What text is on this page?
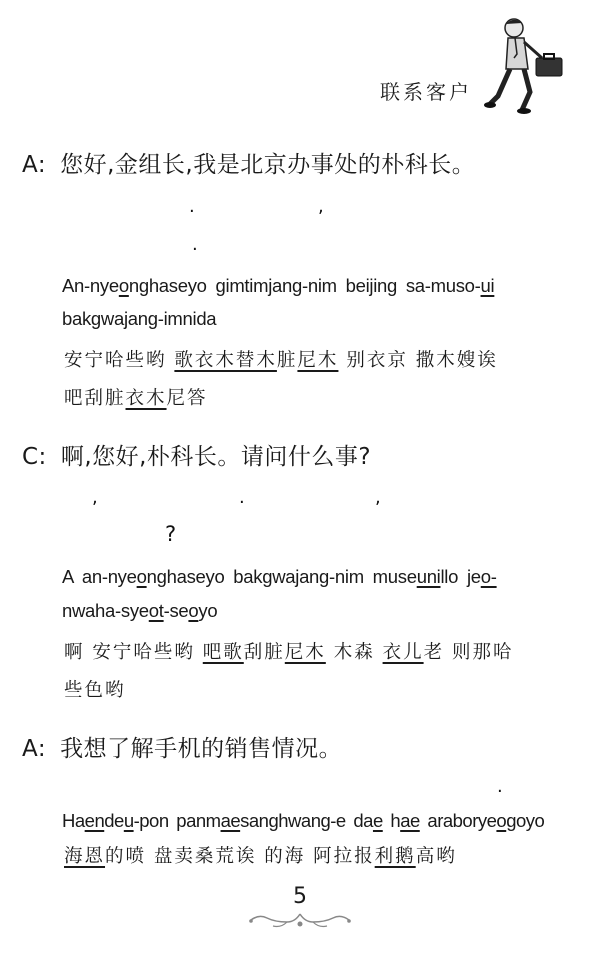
联系客户
A: 您好,金组长,我是北京办事处的朴科长。
.	,
.
An-nyeonghaseyo gimtimjang-nim beijing sa-muso-ui
bakgwajang-imnida
安宁哈些哟 歌衣木替木脏尼木 别衣京 撒木嫂诶
吧刮脏衣木尼答
C: 啊,您好,朴科长。请问什么事?
,	.	,
?
A an-nyeonghaseyo bakgwajang-nim museunillo jeo-
nwaha-syeot-seoyo
啊 安宁哈些哟 吧歌刮脏尼木 木森 衣儿老 则那哈
些色哟
A: 我想了解手机的销售情况。
.
Haendeu-pon panmaesanghwang-e dae hae araboryeogoyo
海恩的喷 盘卖桑荒诶 的海 阿拉报利鹅高哟
5
